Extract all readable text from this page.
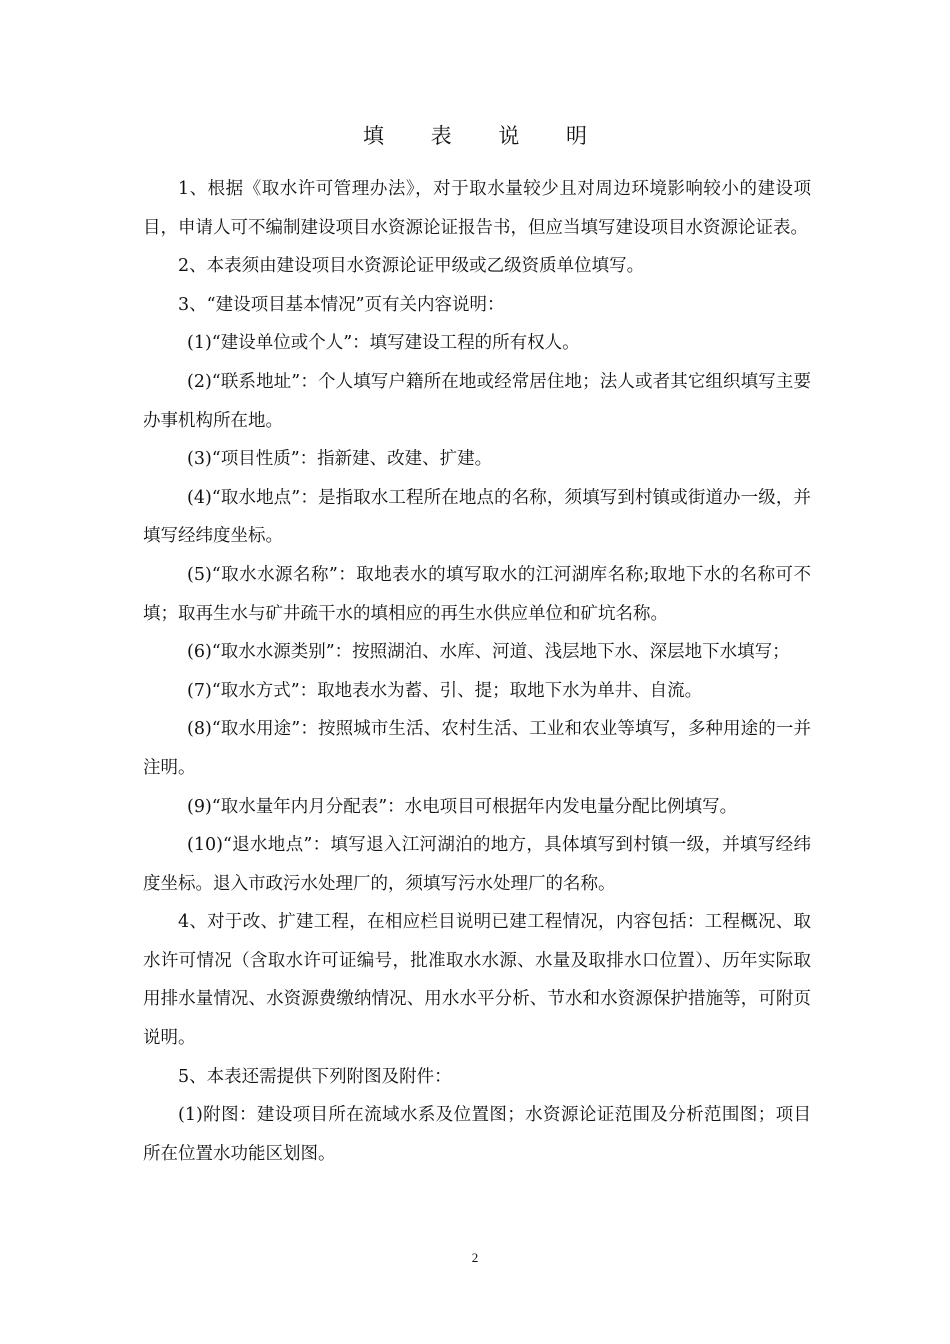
填 表 说 明

1、根据《取水许可管理办法》，对于取水量较少且对周边环境影响较小的建设项目，申请人可不编制建设项目水资源论证报告书，但应当填写建设项目水资源论证表。

2、本表须由建设项目水资源论证甲级或乙级资质单位填写。

3、“建设项目基本情况”页有关内容说明：

(1)“建设单位或个人”：填写建设工程的所有权人。

(2)“联系地址”：个人填写户籍所在地或经常居住地；法人或者其它组织填写主要办事机构所在地。

(3)“项目性质”：指新建、改建、扩建。

(4)“取水地点”：是指取水工程所在地点的名称，须填写到村镇或街道办一级，并填写经纬度坐标。

(5)“取水水源名称”：取地表水的填写取水的江河湖库名称;取地下水的名称可不填；取再生水与矿井疏干水的填相应的再生水供应单位和矿坑名称。

(6)“取水水源类别”：按照湖泊、水库、河道、浅层地下水、深层地下水填写；

(7)“取水方式”：取地表水为蓄、引、提；取地下水为单井、自流。

(8)“取水用途”：按照城市生活、农村生活、工业和农业等填写，多种用途的一并注明。

(9)“取水量年内月分配表”：水电项目可根据年内发电量分配比例填写。

(10)“退水地点”：填写退入江河湖泊的地方，具体填写到村镇一级，并填写经纬度坐标。退入市政污水处理厂的，须填写污水处理厂的名称。

4、对于改、扩建工程，在相应栏目说明已建工程情况，内容包括：工程概况、取水许可情况（含取水许可证编号，批准取水水源、水量及取排水口位置）、历年实际取用排水量情况、水资源费缴纳情况、用水水平分析、节水和水资源保护措施等，可附页说明。

5、本表还需提供下列附图及附件：

(1)附图：建设项目所在流域水系及位置图；水资源论证范围及分析范围图；项目所在位置水功能区划图。

2
